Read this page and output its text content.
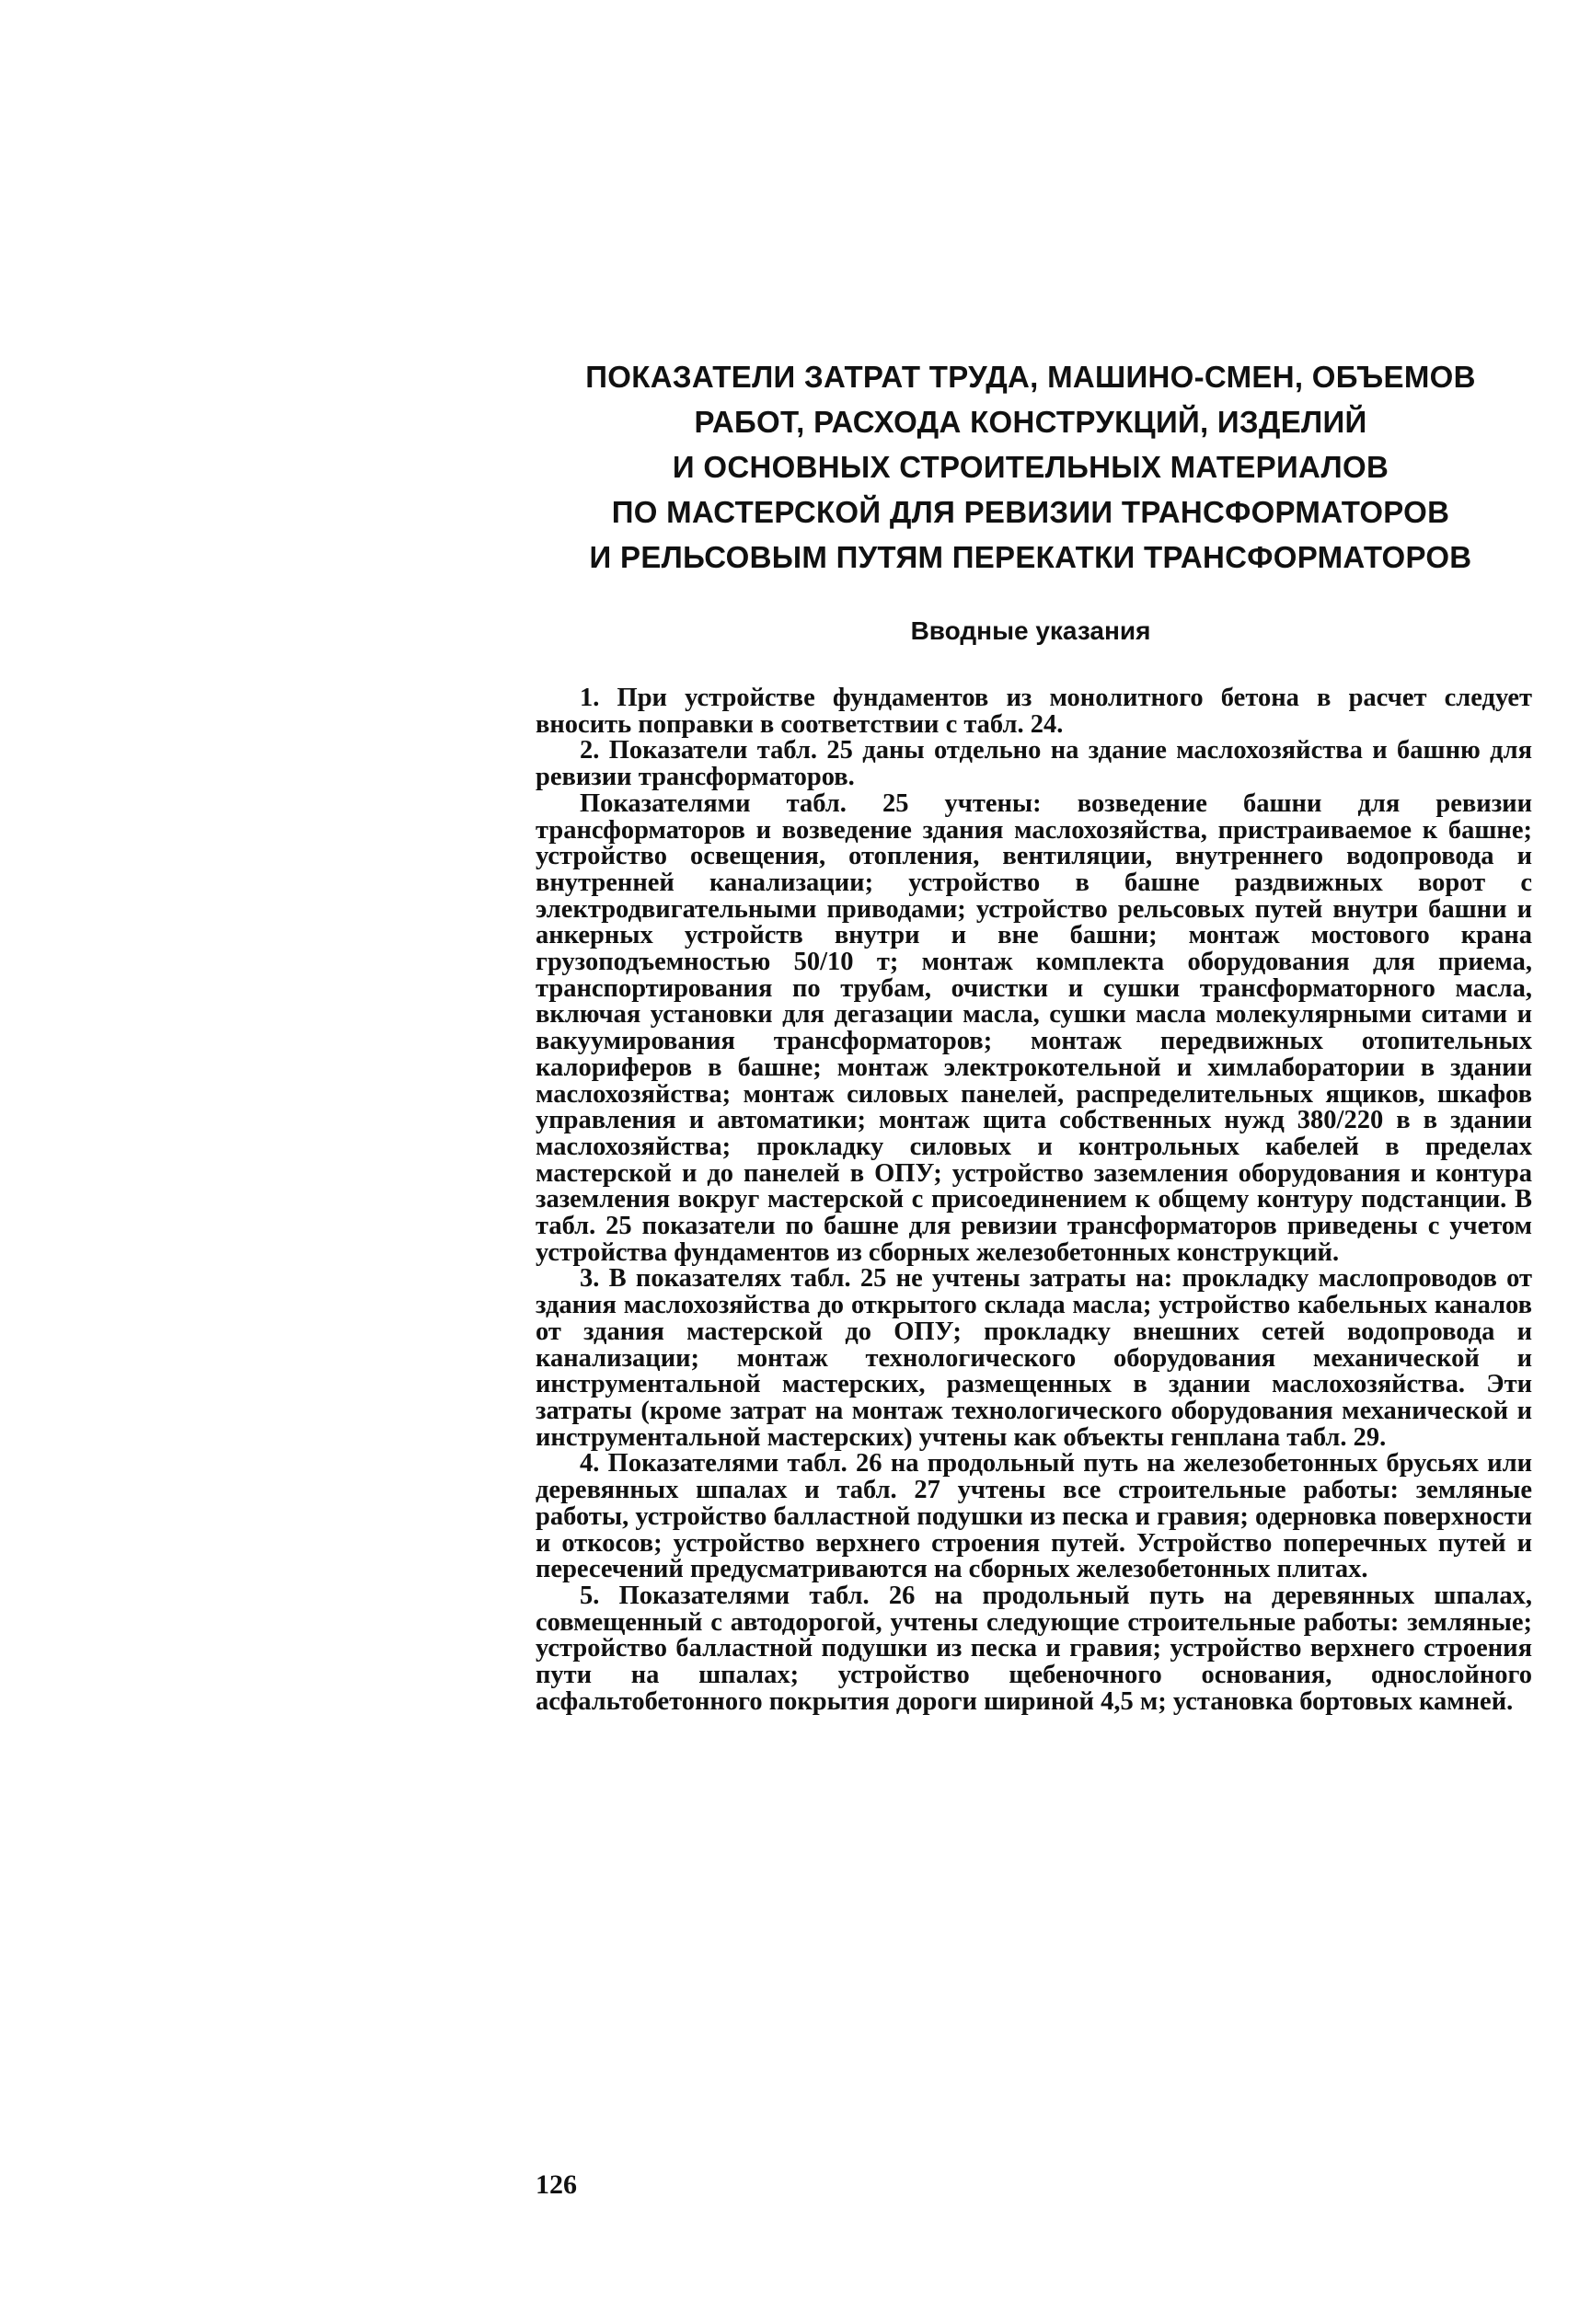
ПОКАЗАТЕЛИ ЗАТРАТ ТРУДА, МАШИНО-СМЕН, ОБЪЕМОВ
РАБОТ, РАСХОДА КОНСТРУКЦИЙ, ИЗДЕЛИЙ
И ОСНОВНЫХ СТРОИТЕЛЬНЫХ МАТЕРИАЛОВ
ПО МАСТЕРСКОЙ ДЛЯ РЕВИЗИИ ТРАНСФОРМАТОРОВ
И РЕЛЬСОВЫМ ПУТЯМ ПЕРЕКАТКИ ТРАНСФОРМАТОРОВ
Вводные указания

1. При устройстве фундаментов из монолитного бетона в расчет следует вносить поправки в соответствии с табл. 24.

2. Показатели табл. 25 даны отдельно на здание маслохозяйства и башню для ревизии трансформаторов.

Показателями табл. 25 учтены: возведение башни для ревизии трансформаторов и возведение здания маслохозяйства, пристраиваемое к башне; устройство освещения, отопления, вентиляции, внутреннего водопровода и внутренней канализации; устройство в башне раздвижных ворот с электродвигательными приводами; устройство рельсовых путей внутри башни и анкерных устройств внутри и вне башни; монтаж мостового крана грузоподъемностью 50/10 т; монтаж комплекта оборудования для приема, транспортирования по трубам, очистки и сушки трансформаторного масла, включая установки для дегазации масла, сушки масла молекулярными ситами и вакуумирования трансформаторов; монтаж передвижных отопительных калориферов в башне; монтаж электрокотельной и химлаборатории в здании маслохозяйства; монтаж силовых панелей, распределительных ящиков, шкафов управления и автоматики; монтаж щита собственных нужд 380/220 в в здании маслохозяйства; прокладку силовых и контрольных кабелей в пределах мастерской и до панелей в ОПУ; устройство заземления оборудования и контура заземления вокруг мастерской с присоединением к общему контуру подстанции. В табл. 25 показатели по башне для ревизии трансформаторов приведены с учетом устройства фундаментов из сборных железобетонных конструкций.

3. В показателях табл. 25 не учтены затраты на: прокладку маслопроводов от здания маслохозяйства до открытого склада масла; устройство кабельных каналов от здания мастерской до ОПУ; прокладку внешних сетей водопровода и канализации; монтаж технологического оборудования механической и инструментальной мастерских, размещенных в здании маслохозяйства. Эти затраты (кроме затрат на монтаж технологического оборудования механической и инструментальной мастерских) учтены как объекты генплана табл. 29.

4. Показателями табл. 26 на продольный путь на железобетонных брусьях или деревянных шпалах и табл. 27 учтены все строительные работы: земляные работы, устройство балластной подушки из песка и гравия; одерновка поверхности и откосов; устройство верхнего строения путей. Устройство поперечных путей и пересечений предусматриваются на сборных железобетонных плитах.

5. Показателями табл. 26 на продольный путь на деревянных шпалах, совмещенный с автодорогой, учтены следующие строительные работы: земляные; устройство балластной подушки из песка и гравия; устройство верхнего строения пути на шпалах; устройство щебеночного основания, однослойного асфальтобетонного покрытия дороги шириной 4,5 м; установка бортовых камней.

126
